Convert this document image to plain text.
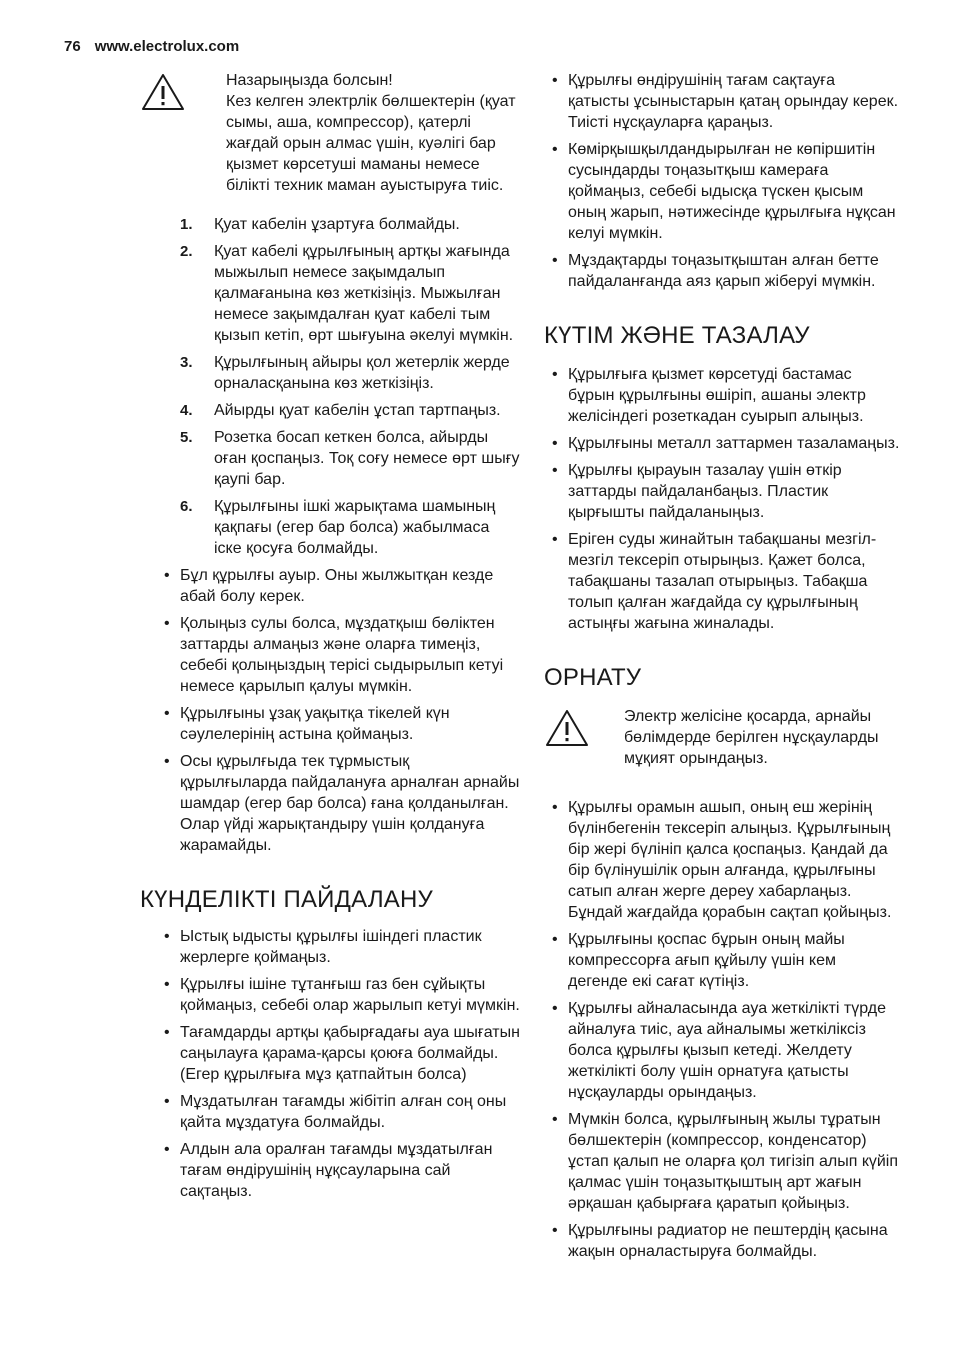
76 www.electrolux.com

Назарыңызда болсын!

Кез келген электрлік бөлшектерін (қуат сымы, аша, компрессор), қатерлі жағдай орын алмас үшін, куәлігі бар қызмет көрсетуші маманы немесе білікті техник маман ауыстыруға тиіс.

1. Қуат кабелін ұзартуға болмайды.
2. Қуат кабелі құрылғының артқы жағында мыжылып немесе зақымдалып қалмағанына көз жеткізіңіз. Мыжылған немесе зақымдалған қуат кабелі тым қызып кетіп, өрт шығуына әкелуі мүмкін.
3. Құрылғының айыры қол жетерлік жерде орналасқанына көз жеткізіңіз.
4. Айырды қуат кабелін ұстап тартпаңыз.
5. Розетка босап кеткен болса, айырды оған қоспаңыз. Тоқ соғу немесе өрт шығу қаупі бар.
6. Құрылғыны ішкі жарықтама шамының қақпағы (егер бар болса) жабылмаса іске қосуға болмайды.
• Бұл құрылғы ауыр. Оны жылжытқан кезде абай болу керек.
• Қолыңыз сулы болса, мұздатқыш бөліктен заттарды алмаңыз және оларға тимеңіз, себебі қолыңыздың терісі сыдырылып кетуі немесе қарылып қалуы мүмкін.
• Құрылғыны ұзақ уақытқа тікелей күн сәулелерінің астына қоймаңыз.
• Осы құрылғыда тек тұрмыстық құрылғыларда пайдалануға арналған арнайы шамдар (егер бар болса) ғана қолданылған. Олар үйді жарықтандыру үшін қолдануға жарамайды.
КҮНДЕЛІКТІ ПАЙДАЛАНУ
• Ыстық ыдысты құрылғы ішіндегі пластик жерлерге қоймаңыз.
• Құрылғы ішіне тұтанғыш газ бен сұйықты қоймаңыз, себебі олар жарылып кетуі мүмкін.
• Тағамдарды артқы қабырғадағы ауа шығатын саңылауға қарама-қарсы қоюға болмайды. (Егер құрылғыға мұз қатпайтын болса)
• Мұздатылған тағамды жібітіп алған соң оны қайта мұздатуға болмайды.
• Алдын ала оралған тағамды мұздатылған тағам өндірушінің нұқсауларына сай сақтаңыз.
• Құрылғы өндірушінің тағам сақтауға қатысты ұсыныстарын қатаң орындау керек. Тиісті нұсқауларға қараңыз.
• Көмірқышқылдандырылған не көпіршитін сусындарды тоңазытқыш камерағa қоймаңыз, себебі ыдысқа түскен қысым оның жарып, нәтижесінде құрылғыға нұқсан келуі мүмкін.
• Мұздақтарды тоңазытқыштан алған бетте пайдаланғанда аяз қарып жіберуі мүмкін.
КҮТІМ ЖӘНЕ ТАЗАЛАУ
• Құрылғыға қызмет көрсетуді бастамас бұрын құрылғыны өшіріп, ашаны электр желісіндегі розеткадан суырып алыңыз.
• Құрылғыны металл заттармен тазаламаңыз.
• Құрылғы қырауын тазалау үшін өткір заттарды пайдаланбаңыз. Пластик қырғышты пайдаланыңыз.
• Еріген суды жинайтын табақшаны мезгіл-мезгіл тексеріп отырыңыз. Қажет болса, табақшаны тазалап отырыңыз. Табақша толып қалған жағдайда су құрылғының астыңғы жағына жиналады.
ОРНАТУ

Электр желісіне қосарда, арнайы бөлімдерде берілген нұсқауларды мұқият орындаңыз.

• Құрылғы орамын ашып, оның еш жерінің бүлінбегенін тексеріп алыңыз. Құрылғының бір жері бүлініп қалса қоспаңыз. Қандай да бір бүлінушілік орын алғанда, құрылғыны сатып алған жерге дереу хабарлаңыз. Бұндай жағдайда қорабын сақтап қойыңыз.
• Құрылғыны қоспас бұрын оның майы компрессорға ағып құйылу үшін кем дегенде екі сағат күтіңіз.
• Құрылғы айналасында ауа жеткілікті түрде айналуға тиіс, ауа айналымы жеткіліксіз болса құрылғы қызып кетеді. Желдету жеткілікті болу үшін орнатуға қатысты нұсқауларды орындаңыз.
• Мүмкін болса, құрылғының жылы тұратын бөлшектерін (компрессор, конденсатор) ұстап қалып не оларға қол тигізіп алып күйіп қалмас үшін тоңазытқыштың арт жағын әрқашан қабырғаға қаратып қойыңыз.
• Құрылғыны радиатор не пештердің қасына жақын орналастыруға болмайды.
